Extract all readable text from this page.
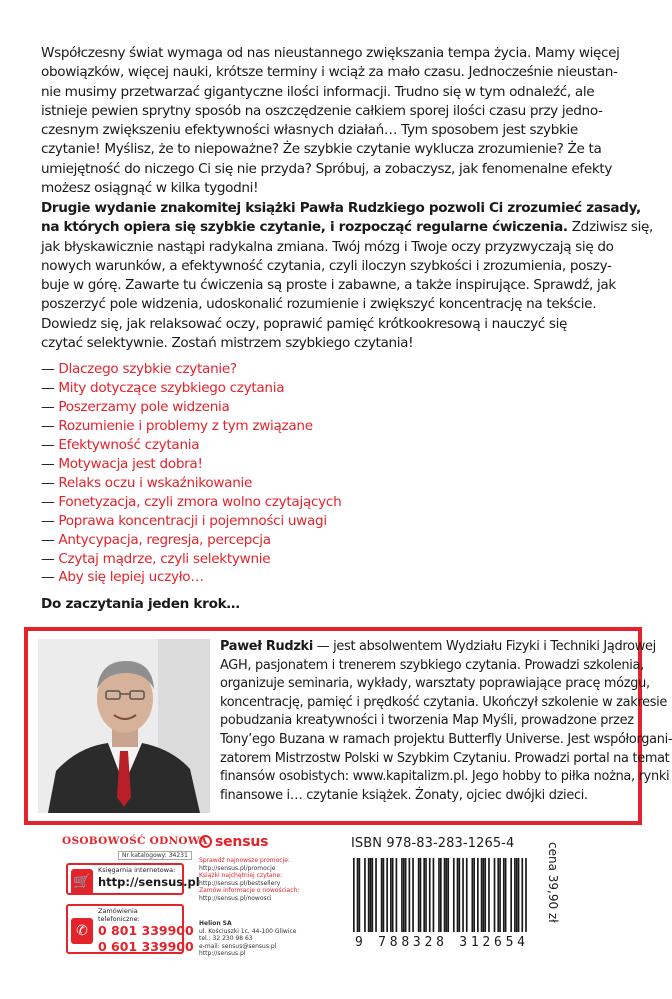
Współczesny świat wymaga od nas nieustannego zwiększania tempa życia. Mamy więcej

obowiązków, więcej nauki, krótsze terminy i wciąż za mało czasu. Jednocześnie nieustan-

nie musimy przetwarzać gigantyczne ilości informacji. Trudno się w tym odnaleźć, ale

istnieje pewien sprytny sposób na oszczędzenie całkiem sporej ilości czasu przy jedno-

czesnym zwiększeniu efektywności własnych działań… Tym sposobem jest szybkie

czytanie! Myślisz, że to niepoważne? Że szybkie czytanie wyklucza zrozumienie? Że ta

umiejętność do niczego Ci się nie przyda? Spróbuj, a zobaczysz, jak fenomenalne efekty

możesz osiągnąć w kilka tygodni!

Drugie wydanie znakomitej książki Pawła Rudzkiego pozwoli Ci zrozumieć zasady,

na których opiera się szybkie czytanie, i rozpocząć regularne ćwiczenia. Zdziwisz się,

jak błyskawicznie nastąpi radykalna zmiana. Twój mózg i Twoje oczy przyzwyczają się do

nowych warunków, a efektywność czytania, czyli iloczyn szybkości i zrozumienia, poszy-

buje w górę. Zawarte tu ćwiczenia są proste i zabawne, a także inspirujące. Sprawdź, jak

poszerzyć pole widzenia, udoskonalić rozumienie i zwiększyć koncentrację na tekście.

Dowiedz się, jak relaksować oczy, poprawić pamięć krótkookresową i nauczyć się

czytać selektywnie. Zostań mistrzem szybkiego czytania!

— Dlaczego szybkie czytanie?
— Mity dotyczące szybkiego czytania
— Poszerzamy pole widzenia
— Rozumienie i problemy z tym związane
— Efektywność czytania
— Motywacja jest dobra!
— Relaks oczu i wskaźnikowanie
— Fonetyzacja, czyli zmora wolno czytających
— Poprawa koncentracji i pojemności uwagi
— Antycypacja, regresja, percepcja
— Czytaj mądrze, czyli selektywnie
— Aby się lepiej uczyło…
Do zaczytania jeden krok…

Paweł Rudzki — jest absolwentem Wydziału Fizyki i Techniki Jądrowej

AGH, pasjonatem i trenerem szybkiego czytania. Prowadzi szkolenia,

organizuje seminaria, wykłady, warsztaty poprawiające pracę mózgu,

koncentrację, pamięć i prędkość czytania. Ukończył szkolenie w zakresie

pobudzania kreatywności i tworzenia Map Myśli, prowadzone przez

Tony’ego Buzana w ramach projektu Butterfly Universe. Jest współorgani-

zatorem Mistrzostw Polski w Szybkim Czytaniu. Prowadzi portal na temat

finansów osobistych: www.kapitalizm.pl. Jego hobby to piłka nożna, rynki

finansowe i… czytanie książek. Żonaty, ojciec dwójki dzieci.

OSOBOWOŚĆ ODNOWA
Nr katalogowy: 34231
🛒
Księgarnia internetowa:
http://sensus.pl
✆
Zamówienia telefoniczne:
0 801 339900
0 601 339900
sensus
Sprawdź najnowsze promocje:
http://sensus.pl/promocje
Książki najchętniej czytane:
http://sensus.pl/bestsellery
Zamów informacje o nowościach:
http://sensus.pl/nowosci
Helion SA
ul. Kościuszki 1c, 44-100 Gliwice
tel.: 32 230 98 63
e-mail: sensus@sensus.pl
http://sensus.pl
ISBN 978-83-283-1265-4
9 788328 312654
cena 39,90 zł
